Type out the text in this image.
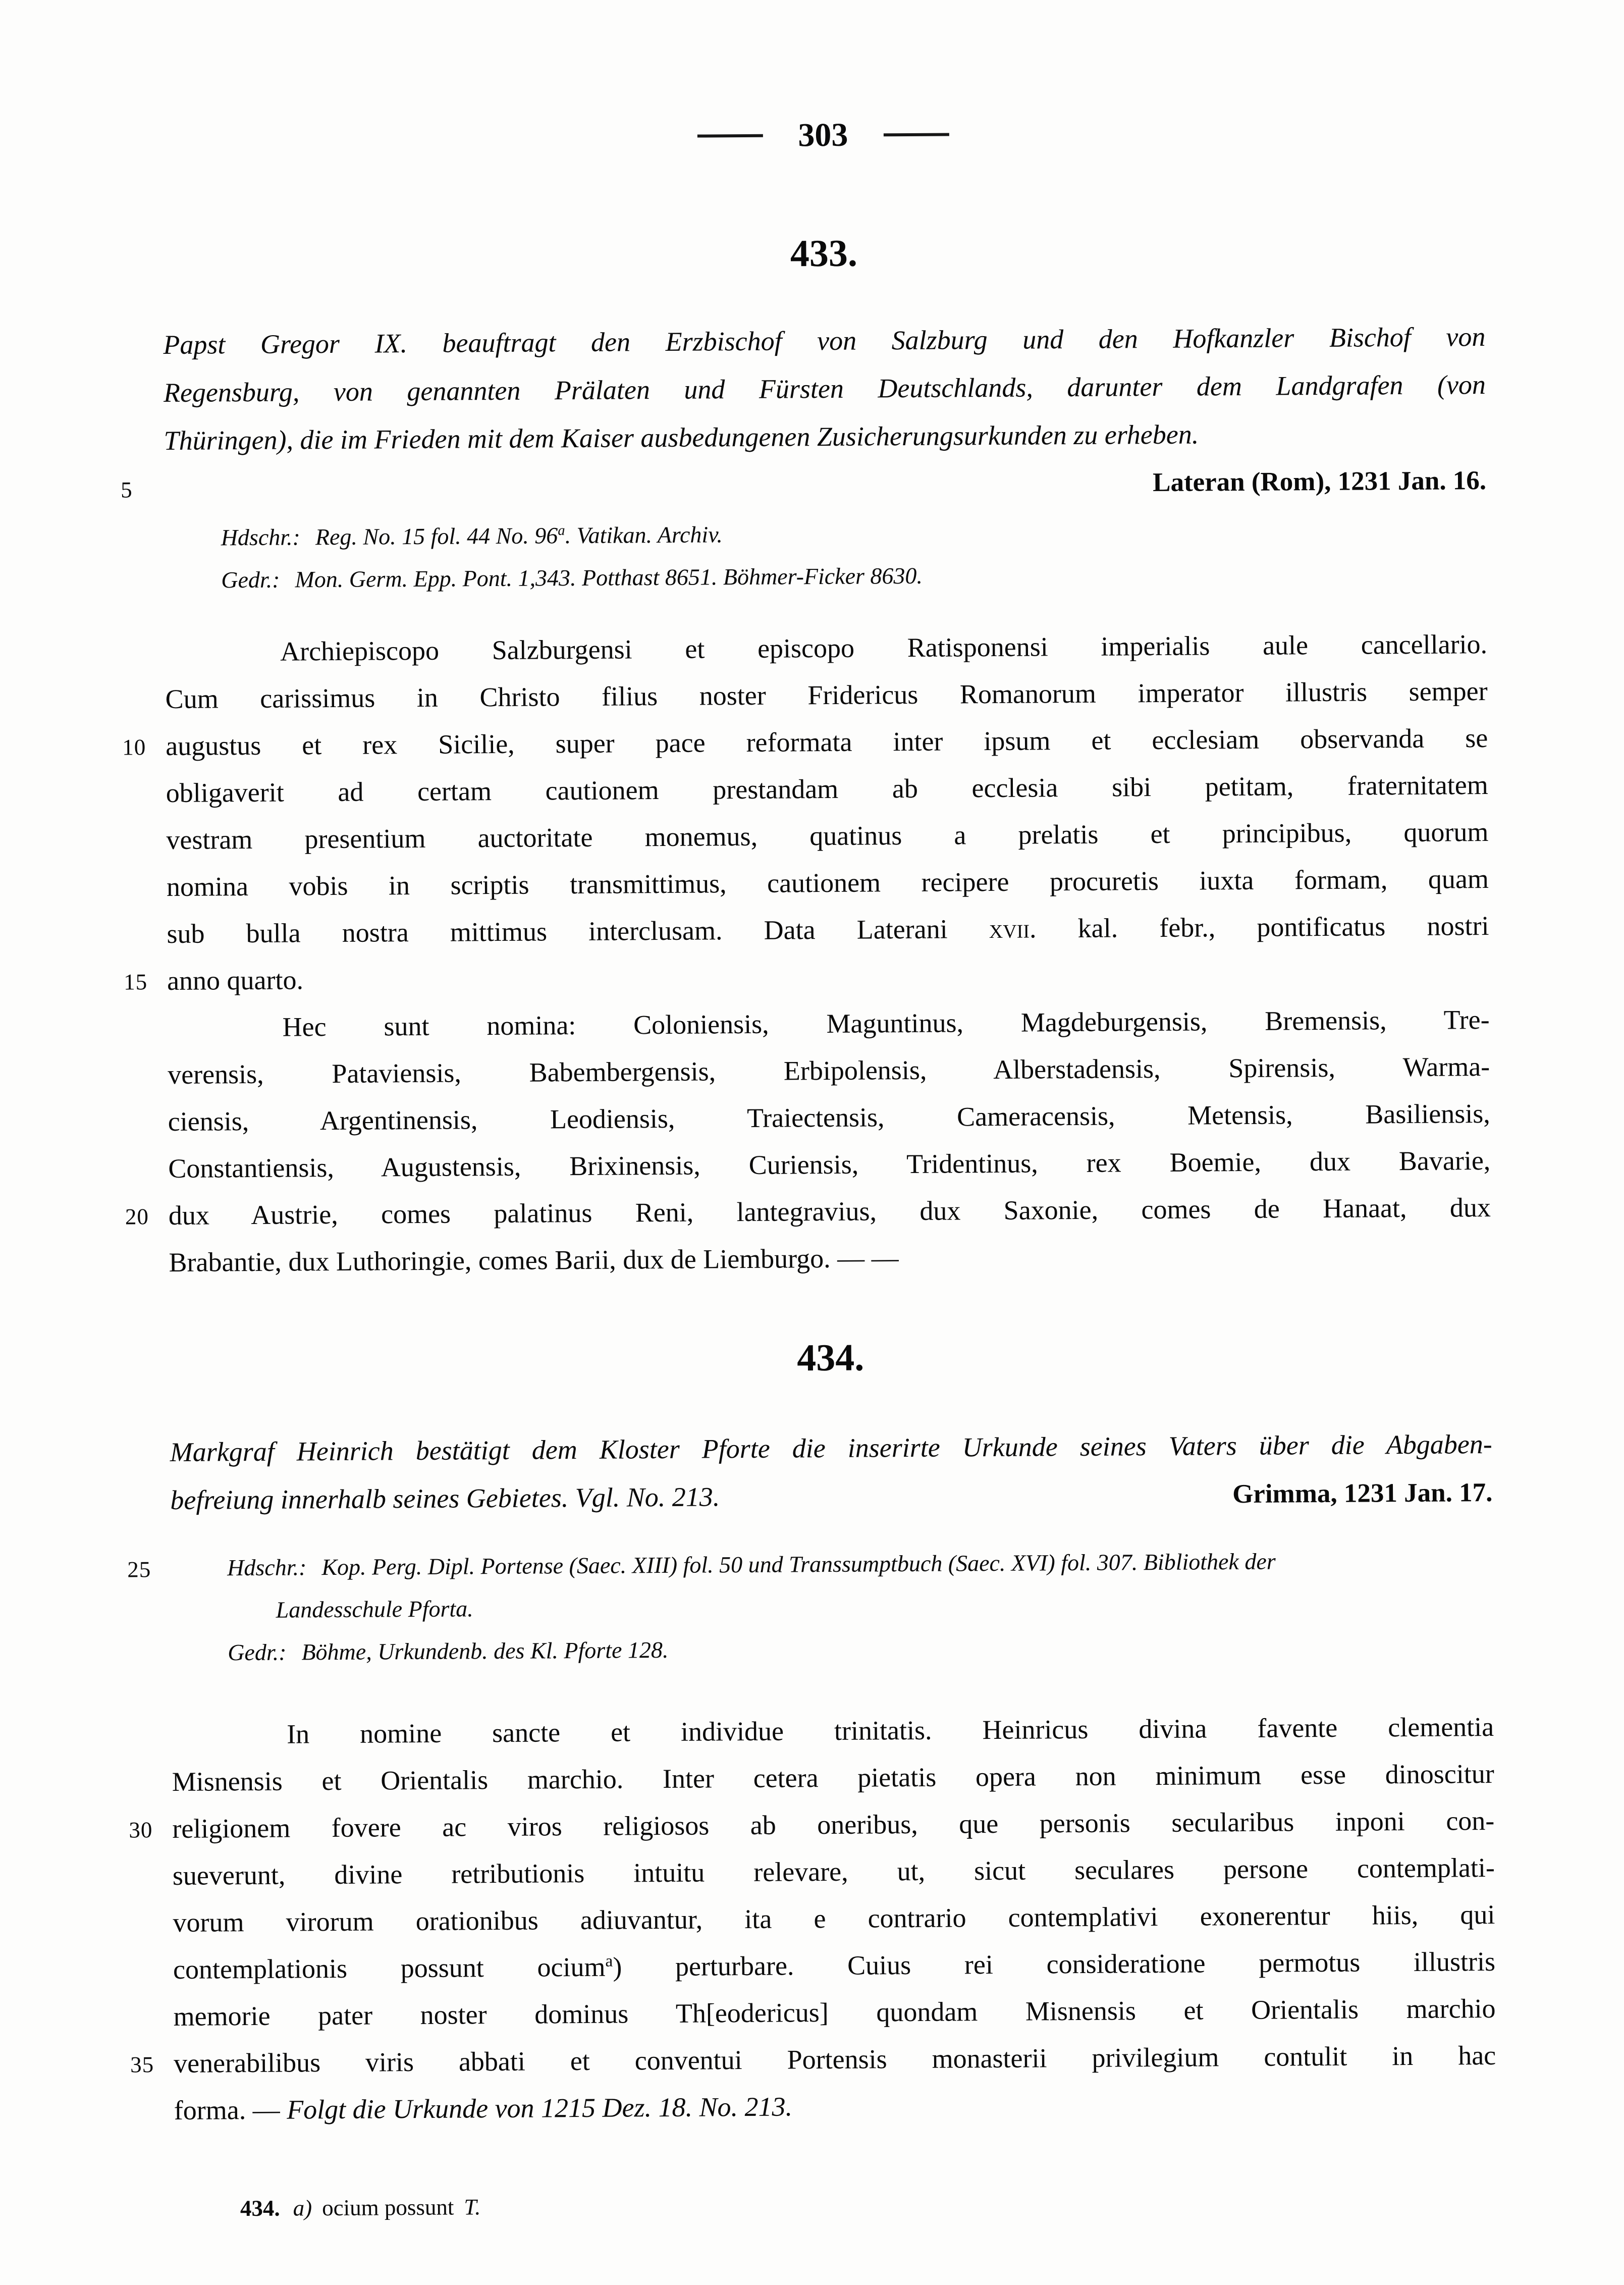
303
433.
Papst Gregor IX. beauftragt den Erzbischof von Salzburg und den Hofkanzler Bischof von
Regensburg, von genannten Prälaten und Fürsten Deutschlands, darunter dem Landgrafen (von
Thüringen), die im Frieden mit dem Kaiser ausbedungenen Zusicherungsurkunden zu erheben.
5	Lateran (Rom), 1231 Jan. 16.
Hdschr.: Reg. No. 15 fol. 44 No. 96$^a$. Vatikan. Archiv.
Gedr.: Mon. Germ. Epp. Pont. 1,343. Potthast 8651. Böhmer-Ficker 8630.
Archiepiscopo Salzburgensi et episcopo Ratisponensi imperialis aule cancellario.
Cum carissimus in Christo filius noster Fridericus Romanorum imperator illustris semper
10 augustus et rex Sicilie, super pace reformata inter ipsum et ecclesiam observanda se
obligaverit ad certam cautionem prestandam ab ecclesia sibi petitam, fraternitatem
vestram presentium auctoritate monemus, quatinus a prelatis et principibus, quorum
nomina vobis in scriptis transmittimus, cautionem recipere procuretis iuxta formam, quam
sub bulla nostra mittimus interclusam. Data Laterani xvii. kal. febr., pontificatus nostri
15 anno quarto.
Hec sunt nomina: Coloniensis, Maguntinus, Magdeburgensis, Bremensis, Tre-
verensis, Pataviensis, Babembergensis, Erbipolensis, Alberstadensis, Spirensis, Warma-
ciensis, Argentinensis, Leodiensis, Traiectensis, Cameracensis, Metensis, Basiliensis,
Constantiensis, Augustensis, Brixinensis, Curiensis, Tridentinus, rex Boemie, dux Bavarie,
20 dux Austrie, comes palatinus Reni, lantegravius, dux Saxonie, comes de Hanaat, dux
Brabantie, dux Luthoringie, comes Barii, dux de Liemburgo. — —
434.
Markgraf Heinrich bestätigt dem Kloster Pforte die inserirte Urkunde seines Vaters über die Abgaben-
befreiung innerhalb seines Gebietes. Vgl. No. 213.	Grimma, 1231 Jan. 17.
25	Hdschr.: Kop. Perg. Dipl. Portense (Saec. XIII) fol. 50 und Transsumptbuch (Saec. XVI) fol. 307. Bibliothek der
Landesschule Pforta.
Gedr.: Böhme, Urkundenb. des Kl. Pforte 128.
In nomine sancte et individue trinitatis. Heinricus divina favente clementia
Misnensis et Orientalis marchio. Inter cetera pietatis opera non minimum esse dinoscitur
30 religionem fovere ac viros religiosos ab oneribus, que personis secularibus inponi con-
sueverunt, divine retributionis intuitu relevare, ut, sicut seculares persone contemplati-
vorum virorum orationibus adiuvantur, ita e contrario contemplativi exonerentur hiis, qui
contemplationis possunt ocium$^a$) perturbare. Cuius rei consideratione permotus illustris
memorie pater noster dominus Th[eodericus] quondam Misnensis et Orientalis marchio
35 venerabilibus viris abbati et conventui Portensis monasterii privilegium contulit in hac
forma. — Folgt die Urkunde von 1215 Dez. 18. No. 213.
434. a) ocium possunt T.
